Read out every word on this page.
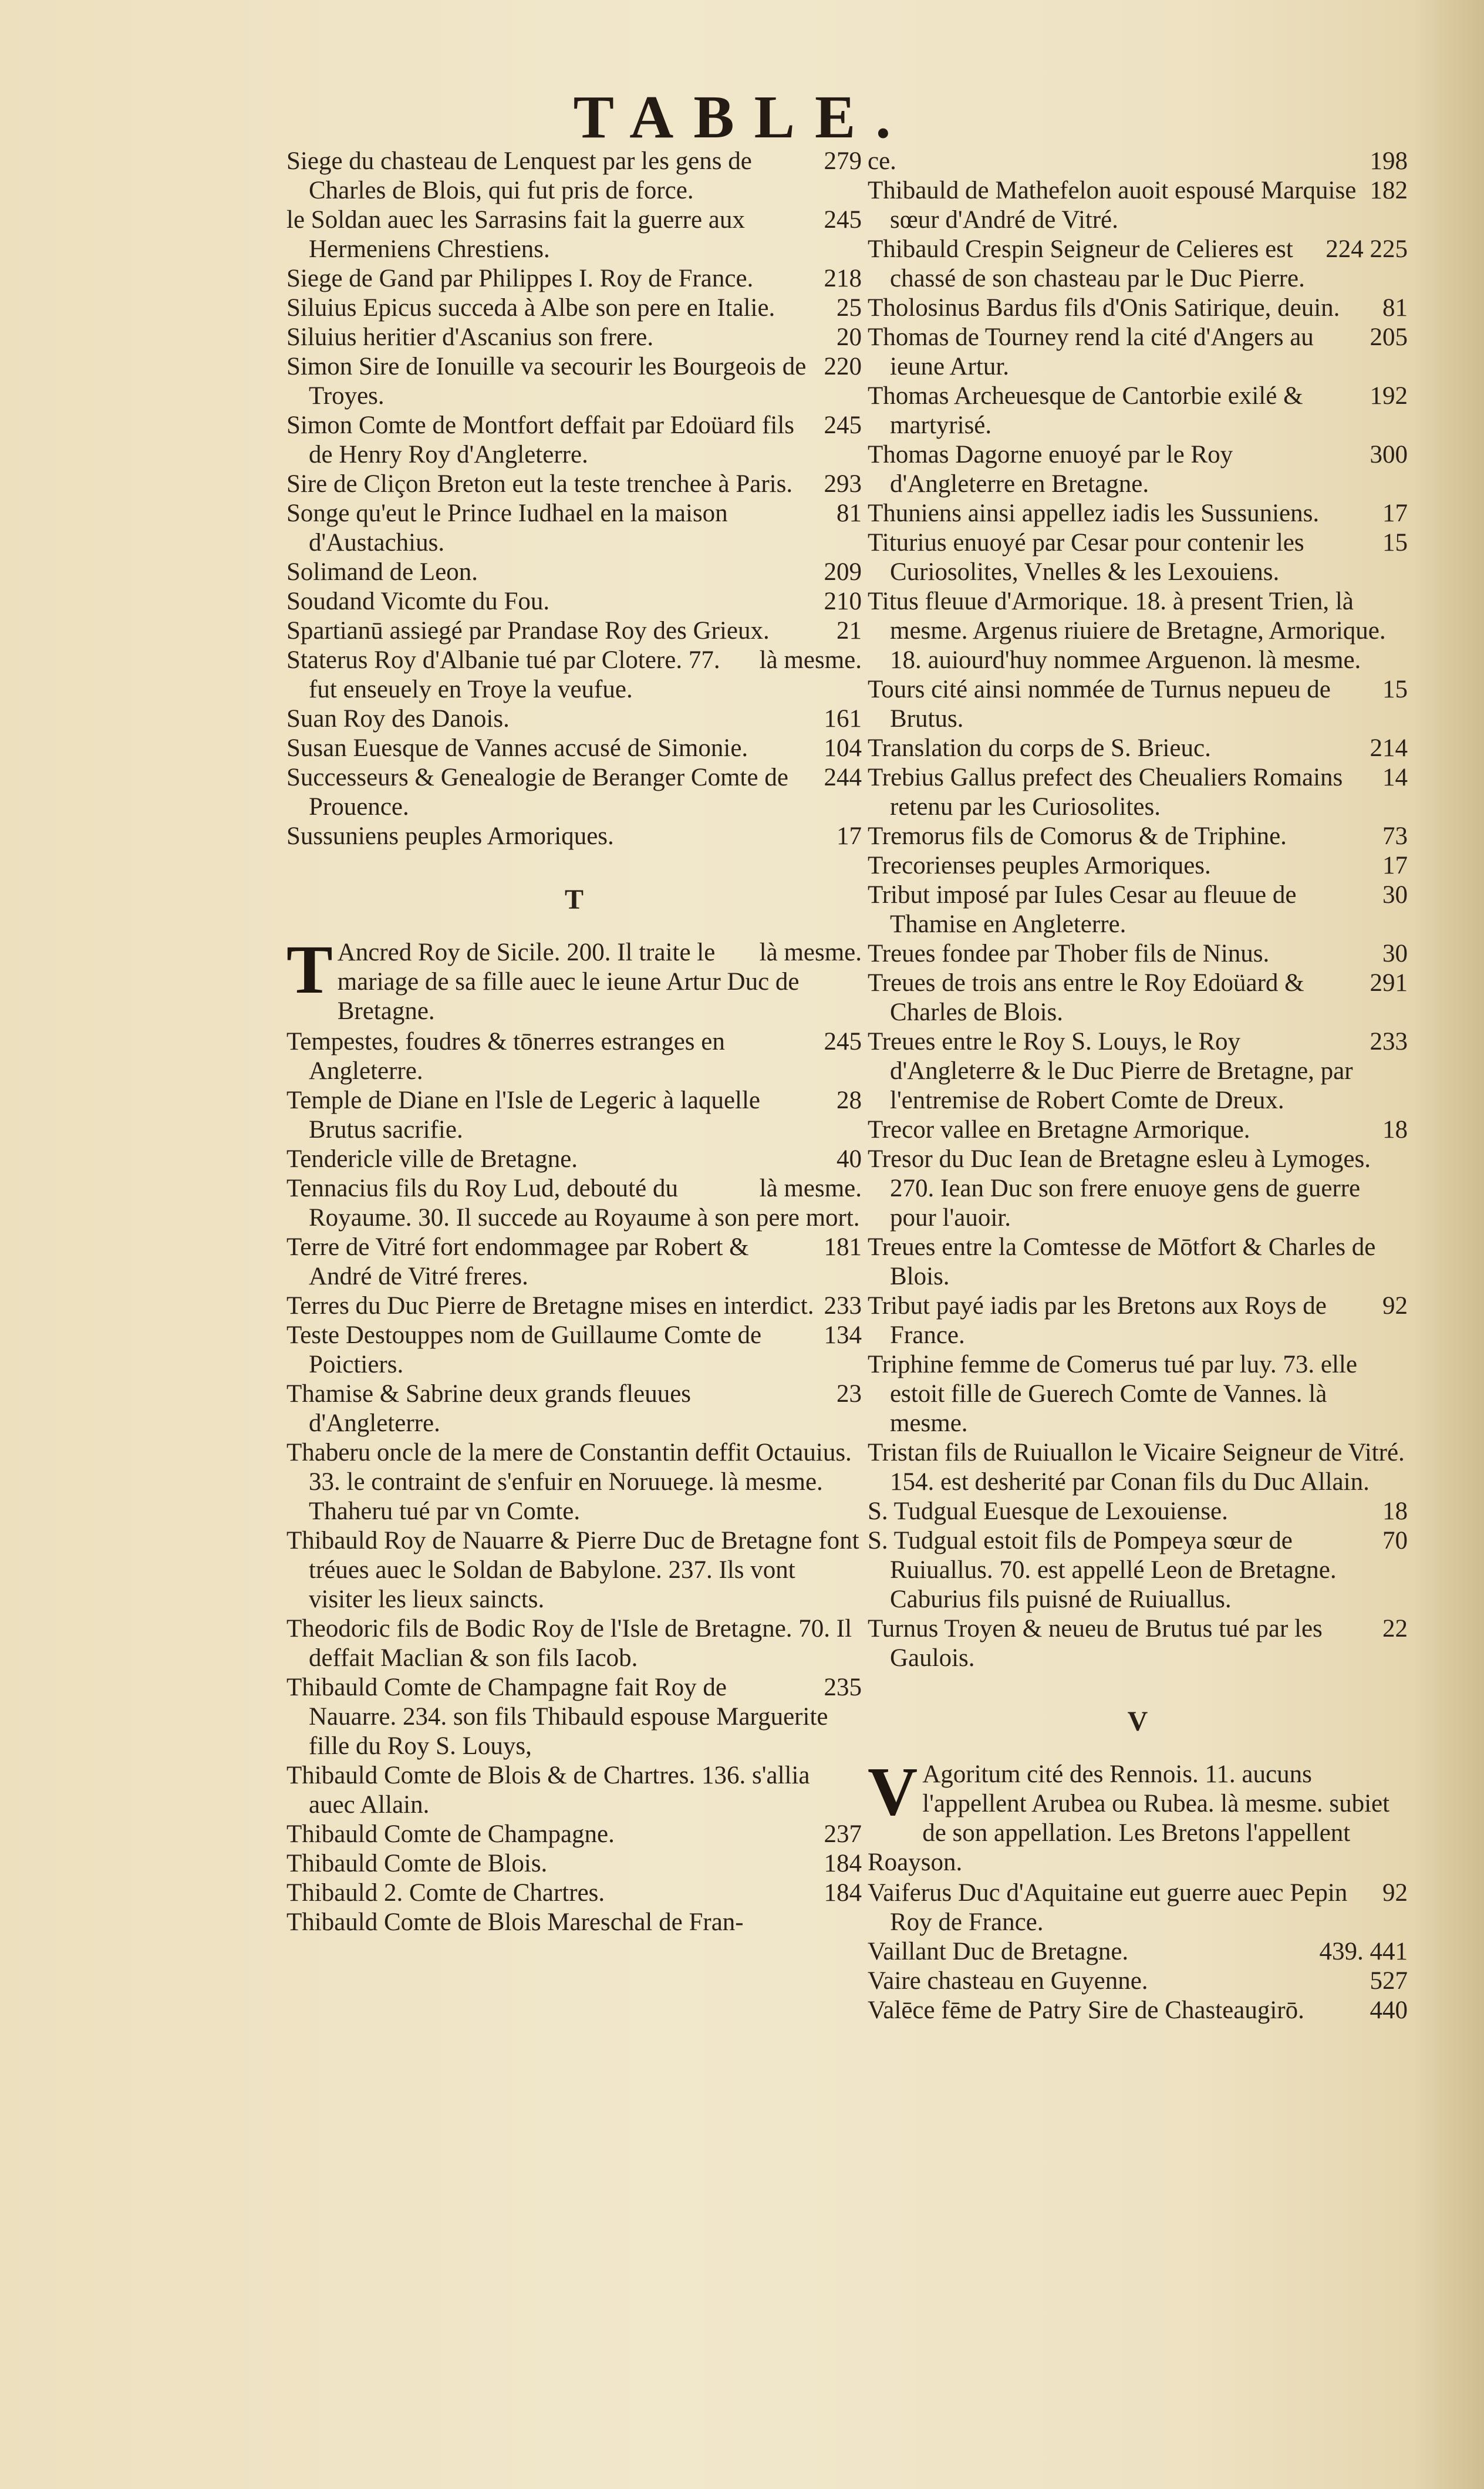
TABLE.
279
Siege du chasteau de Lenquest par les gens de Charles de Blois, qui fut pris de force.
245
le Soldan auec les Sarrasins fait la guerre aux Hermeniens Chrestiens.
218
Siege de Gand par Philippes I. Roy de France.
25
Siluius Epicus succeda à Albe son pere en Italie.
20
Siluius heritier d'Ascanius son frere.
220
Simon Sire de Ionuille va secourir les Bourgeois de Troyes.
245
Simon Comte de Montfort deffait par Edoüard fils de Henry Roy d'Angleterre.
293
Sire de Cliçon Breton eut la teste trenchee à Paris.
81
Songe qu'eut le Prince Iudhael en la maison d'Austachius.
209
Solimand de Leon.
210
Soudand Vicomte du Fou.
21
Spartianū assiegé par Prandase Roy des Grieux.
là mesme.
Staterus Roy d'Albanie tué par Clotere. 77. fut enseuely en Troye la veufue.
161
Suan Roy des Danois.
104
Susan Euesque de Vannes accusé de Simonie.
244
Successeurs & Genealogie de Beranger Comte de Prouence.
17
Sussuniens peuples Armoriques.
T
T	là mesme.
Ancred Roy de Sicile. 200. Il traite le mariage de sa fille auec le ieune Artur Duc de Bretagne.
245
Tempestes, foudres & tōnerres estranges en Angleterre.
28
Temple de Diane en l'Isle de Legeric à laquelle Brutus sacrifie.
40
Tendericle ville de Bretagne.
là mesme.
Tennacius fils du Roy Lud, debouté du Royaume. 30. Il succede au Royaume à son pere mort.
181
Terre de Vitré fort endommagee par Robert & André de Vitré freres.
233
Terres du Duc Pierre de Bretagne mises en interdict.
134
Teste Destouppes nom de Guillaume Comte de Poictiers.
23
Thamise & Sabrine deux grands fleuues d'Angleterre.
Thaberu oncle de la mere de Constantin deffit Octauius. 33. le contraint de s'enfuir en Noruuege. là mesme. Thaheru tué par vn Comte.
Thibauld Roy de Nauarre & Pierre Duc de Bretagne font tréues auec le Soldan de Babylone. 237. Ils vont visiter les lieux saincts.
Theodoric fils de Bodic Roy de l'Isle de Bretagne. 70. Il deffait Maclian & son fils Iacob.
235
Thibauld Comte de Champagne fait Roy de Nauarre. 234. son fils Thibauld espouse Marguerite fille du Roy S. Louys,
Thibauld Comte de Blois & de Chartres. 136. s'allia auec Allain.
237
Thibauld Comte de Champagne.
184
Thibauld Comte de Blois.
184
Thibauld 2. Comte de Chartres.
Thibauld Comte de Blois Mareschal de Fran-
198
ce.
182
Thibauld de Mathefelon auoit espousé Marquise sœur d'André de Vitré.
224 225
Thibauld Crespin Seigneur de Celieres est chassé de son chasteau par le Duc Pierre.
81
Tholosinus Bardus fils d'Onis Satirique, deuin.
205
Thomas de Tourney rend la cité d'Angers au ieune Artur.
192
Thomas Archeuesque de Cantorbie exilé & martyrisé.
300
Thomas Dagorne enuoyé par le Roy d'Angleterre en Bretagne.
17
Thuniens ainsi appellez iadis les Sussuniens.
15
Titurius enuoyé par Cesar pour contenir les Curiosolites, Vnelles & les Lexouiens.
Titus fleuue d'Armorique. 18. à present Trien, là mesme. Argenus riuiere de Bretagne, Armorique. 18. auiourd'huy nommee Arguenon. là mesme.
15
Tours cité ainsi nommée de Turnus nepueu de Brutus.
214
Translation du corps de S. Brieuc.
14
Trebius Gallus prefect des Cheualiers Romains retenu par les Curiosolites.
73
Tremorus fils de Comorus & de Triphine.
17
Trecorienses peuples Armoriques.
30
Tribut imposé par Iules Cesar au fleuue de Thamise en Angleterre.
30
Treues fondee par Thober fils de Ninus.
291
Treues de trois ans entre le Roy Edoüard & Charles de Blois.
233
Treues entre le Roy S. Louys, le Roy d'Angleterre & le Duc Pierre de Bretagne, par l'entremise de Robert Comte de Dreux.
18
Trecor vallee en Bretagne Armorique.
Tresor du Duc Iean de Bretagne esleu à Lymoges. 270. Iean Duc son frere enuoye gens de guerre pour l'auoir.
Treues entre la Comtesse de Mōtfort & Charles de Blois.
92
Tribut payé iadis par les Bretons aux Roys de France.
Triphine femme de Comerus tué par luy. 73. elle estoit fille de Guerech Comte de Vannes. là mesme.
Tristan fils de Ruiuallon le Vicaire Seigneur de Vitré. 154. est desherité par Conan fils du Duc Allain.
18
S. Tudgual Euesque de Lexouiense.
70
S. Tudgual estoit fils de Pompeya sœur de Ruiuallus. 70. est appellé Leon de Bretagne. Caburius fils puisné de Ruiuallus.
22
Turnus Troyen & neueu de Brutus tué par les Gaulois.
V
V Agoritum cité des Rennois. 11. aucuns l'appellent Arubea ou Rubea. là mesme. subiet de son appellation. Les Bretons l'appellent Roayson.
92
Vaiferus Duc d'Aquitaine eut guerre auec Pepin Roy de France.
439. 441
Vaillant Duc de Bretagne.
527
Vaire chasteau en Guyenne.
440
Valēce fēme de Patry Sire de Chasteaugirō.
